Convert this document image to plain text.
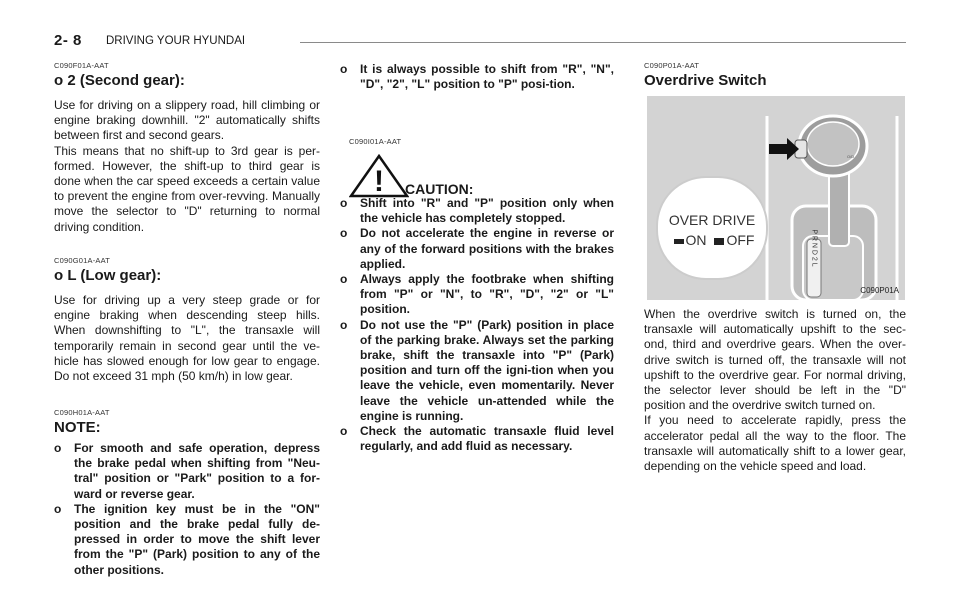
2- 8 DRIVING YOUR HYUNDAI
C090F01A-AAT
o 2 (Second gear):

Use for driving on a slippery road, hill climbing or engine braking downhill. "2" automatically shifts between first and second gears.

This means that no shift-up to 3rd gear is per-formed. However, the shift-up to third gear is done when the car speed exceeds a certain value to prevent the engine from over-revving. Manually move the selector to "D" returning to normal driving condition.

C090G01A-AAT
o L (Low gear):

Use for driving up a very steep grade or for engine braking when descending steep hills. When downshifting to "L", the transaxle will temporarily remain in second gear until the ve-hicle has slowed enough for low gear to engage. Do not exceed 31 mph (50 km/h) in low gear.

C090H01A-AAT
NOTE:
o For smooth and safe operation, depress the brake pedal when shifting from "Neu-tral" position or "Park" position to a for-ward or reverse gear.
o The ignition key must be in the "ON" position and the brake pedal fully de-pressed in order to move the shift lever from the "P" (Park) position to any of the other positions.
o It is always possible to shift from "R", "N", "D", "2", "L" position to "P" posi-tion.
C090I01A-AAT
! CAUTION:
o Shift into "R" and "P" position only when the vehicle has completely stopped.
o Do not accelerate the engine in reverse or any of the forward positions with the brakes applied.
o Always apply the footbrake when shifting from "P" or "N", to "R", "D", "2" or "L" position.
o Do not use the "P" (Park) position in place of the parking brake. Always set the parking brake, shift the transaxle into "P" (Park) position and turn off the igni-tion when you leave the vehicle, even momentarily. Never leave the vehicle un-attended while the engine is running.
o Check the automatic transaxle fluid level regularly, and add fluid as necessary.
C090P01A-AAT
Overdrive Switch

When the overdrive switch is turned on, the transaxle will automatically upshift to the sec-ond, third and overdrive gears. When the over-drive switch is turned off, the transaxle will not upshift to the overdrive gear. For normal driving, the selector lever should be left in the "D" position and the overdrive switch turned on.

If you need to accelerate rapidly, press the accelerator pedal all the way to the floor. The transaxle will automatically shift to a lower gear, depending on the vehicle speed and load.

P R N D 2 L
O/D
OVER DRIVE
ON OFF
C090P01A
